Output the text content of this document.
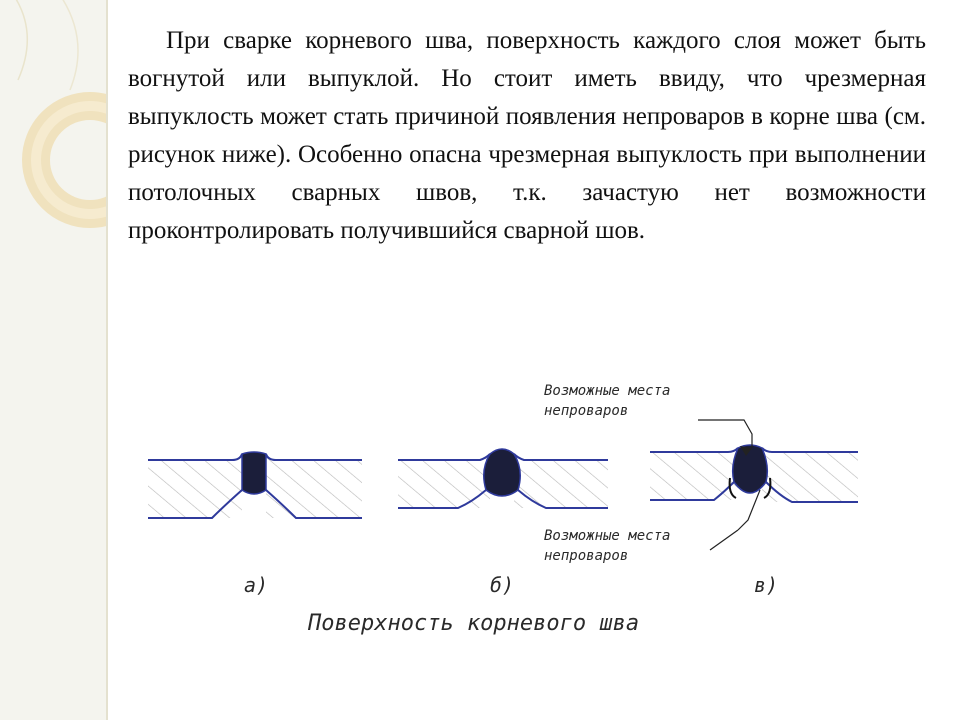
При сварке корневого шва, поверхность каждого слоя может быть вогнутой или выпуклой. Но стоит иметь ввиду, что чрезмерная выпуклость может стать причиной появления непроваров в корне шва (см. рисунок ниже). Особенно опасна чрезмерная выпуклость при выполнении потолочных сварных швов, т.к. зачастую нет возможности проконтролировать получившийся сварной шов.

Возможные места
непроваров
Возможные места
непроваров
а)	б)	в)
Поверхность корневого шва
